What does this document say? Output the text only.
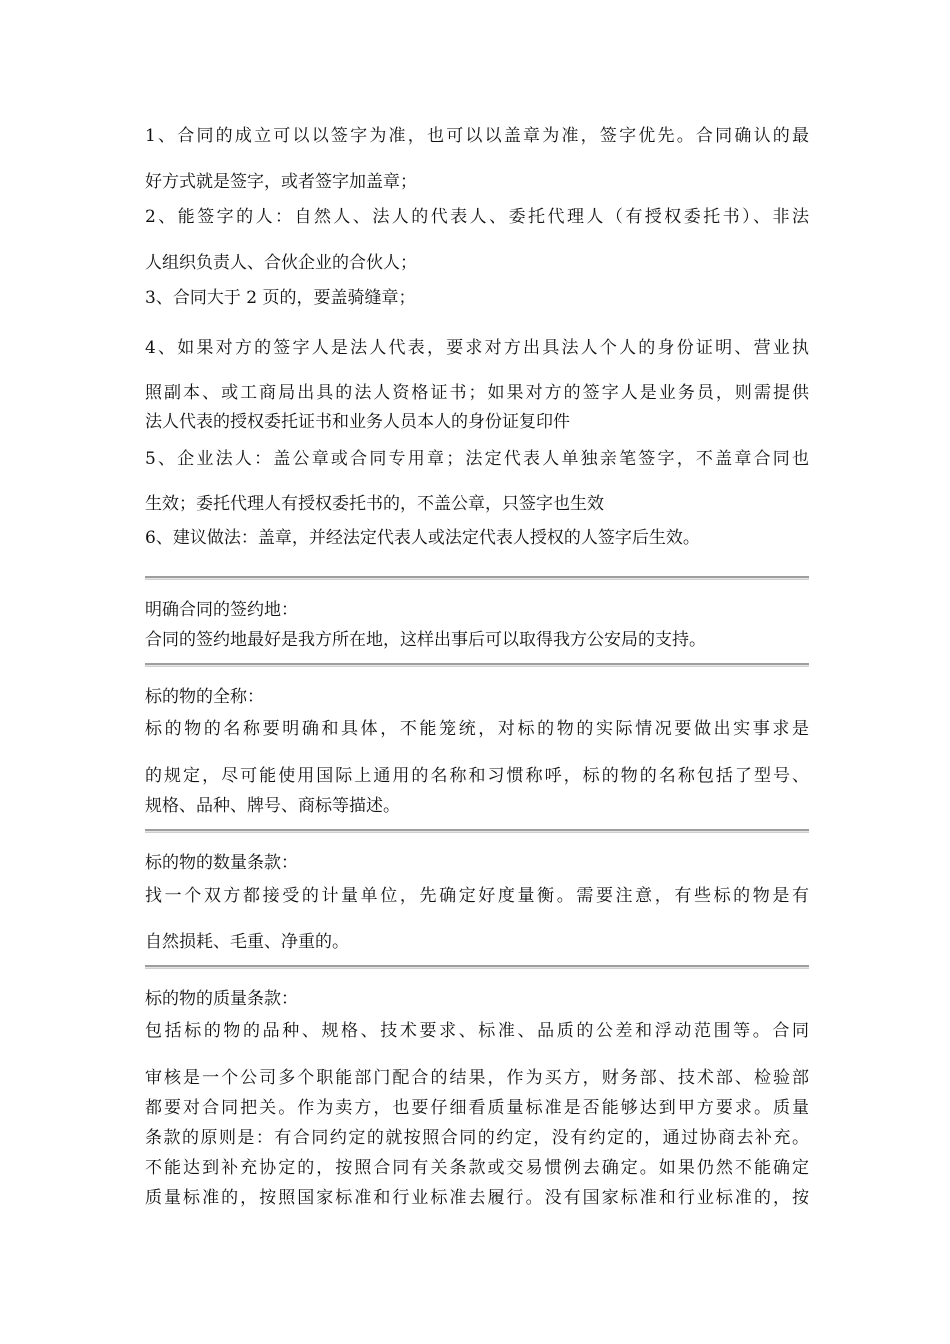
1、合同的成立可以以签字为准，也可以以盖章为准，签字优先。合同确认的最
好方式就是签字，或者签字加盖章；
2、能签字的人：自然人、法人的代表人、委托代理人（有授权委托书）、非法
人组织负责人、合伙企业的合伙人；
3、合同大于 2 页的，要盖骑缝章；
4、如果对方的签字人是法人代表，要求对方出具法人个人的身份证明、营业执
照副本、或工商局出具的法人资格证书；如果对方的签字人是业务员，则需提供
法人代表的授权委托证书和业务人员本人的身份证复印件
5、企业法人：盖公章或合同专用章；法定代表人单独亲笔签字，不盖章合同也
生效；委托代理人有授权委托书的，不盖公章，只签字也生效
6、建议做法：盖章，并经法定代表人或法定代表人授权的人签字后生效。
明确合同的签约地：
合同的签约地最好是我方所在地，这样出事后可以取得我方公安局的支持。
标的物的全称：
标的物的名称要明确和具体，不能笼统，对标的物的实际情况要做出实事求是
的规定，尽可能使用国际上通用的名称和习惯称呼，标的物的名称包括了型号、
规格、品种、牌号、商标等描述。
标的物的数量条款：
找一个双方都接受的计量单位，先确定好度量衡。需要注意，有些标的物是有
自然损耗、毛重、净重的。
标的物的质量条款：
包括标的物的品种、规格、技术要求、标准、品质的公差和浮动范围等。合同
审核是一个公司多个职能部门配合的结果，作为买方，财务部、技术部、检验部
都要对合同把关。作为卖方，也要仔细看质量标准是否能够达到甲方要求。质量
条款的原则是：有合同约定的就按照合同的约定，没有约定的，通过协商去补充。
不能达到补充协定的，按照合同有关条款或交易惯例去确定。如果仍然不能确定
质量标准的，按照国家标准和行业标准去履行。没有国家标准和行业标准的，按
